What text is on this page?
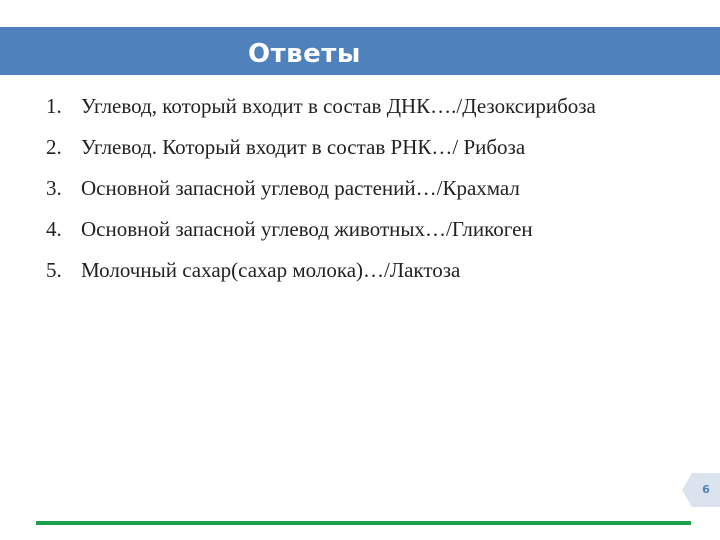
Ответы
1. Углевод, который входит в состав ДНК…./Дезоксирибоза
2. Углевод. Который входит в состав РНК…/ Рибоза
3. Основной запасной углевод растений…/Крахмал
4. Основной запасной углевод животных…/Гликоген
5. Молочный сахар(сахар молока)…/Лактоза
6
